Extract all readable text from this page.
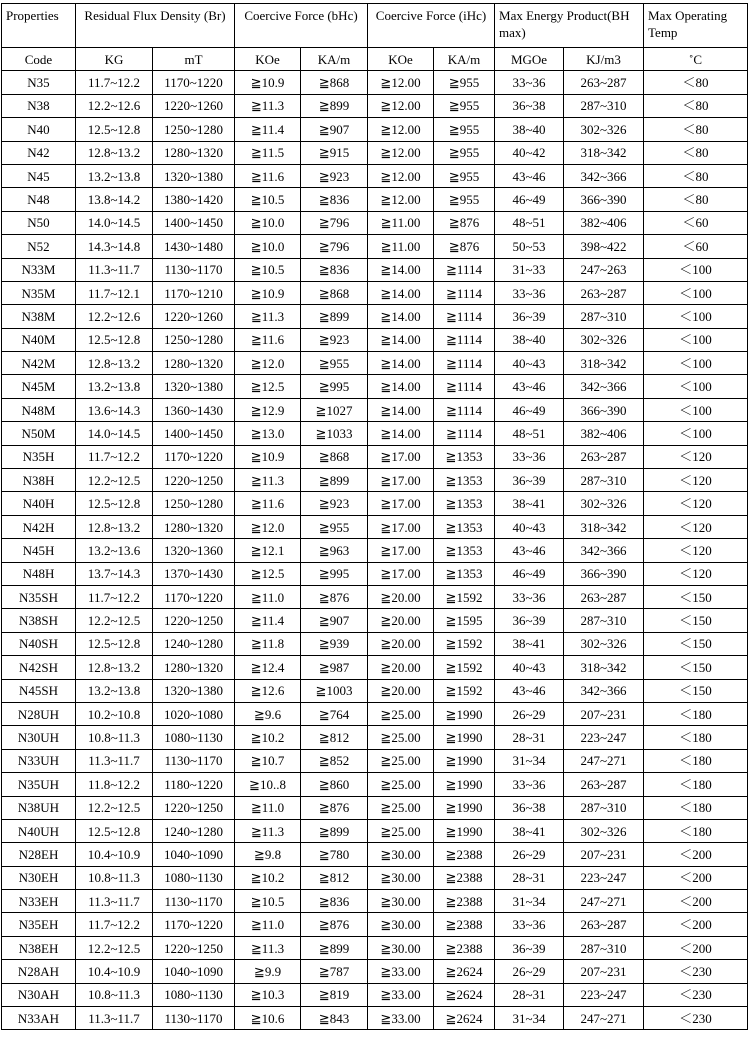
Properties	Residual Flux Density (Br)		Coercive Force (bHc)		Coercive Force (iHc)		Max Energy Product(BH max)		Max Operating Temp
Code	KG	mT	KOe	KA/m	KOe	KA/m	MGOe	KJ/m3	˚C
N35	11.7~12.2	1170~1220	≧10.9	≧868	≧12.00	≧955	33~36	263~287	＜80
N38	12.2~12.6	1220~1260	≧11.3	≧899	≧12.00	≧955	36~38	287~310	＜80
N40	12.5~12.8	1250~1280	≧11.4	≧907	≧12.00	≧955	38~40	302~326	＜80
N42	12.8~13.2	1280~1320	≧11.5	≧915	≧12.00	≧955	40~42	318~342	＜80
N45	13.2~13.8	1320~1380	≧11.6	≧923	≧12.00	≧955	43~46	342~366	＜80
N48	13.8~14.2	1380~1420	≧10.5	≧836	≧12.00	≧955	46~49	366~390	＜80
N50	14.0~14.5	1400~1450	≧10.0	≧796	≧11.00	≧876	48~51	382~406	＜60
N52	14.3~14.8	1430~1480	≧10.0	≧796	≧11.00	≧876	50~53	398~422	＜60
N33M	11.3~11.7	1130~1170	≧10.5	≧836	≧14.00	≧1114	31~33	247~263	＜100
N35M	11.7~12.1	1170~1210	≧10.9	≧868	≧14.00	≧1114	33~36	263~287	＜100
N38M	12.2~12.6	1220~1260	≧11.3	≧899	≧14.00	≧1114	36~39	287~310	＜100
N40M	12.5~12.8	1250~1280	≧11.6	≧923	≧14.00	≧1114	38~40	302~326	＜100
N42M	12.8~13.2	1280~1320	≧12.0	≧955	≧14.00	≧1114	40~43	318~342	＜100
N45M	13.2~13.8	1320~1380	≧12.5	≧995	≧14.00	≧1114	43~46	342~366	＜100
N48M	13.6~14.3	1360~1430	≧12.9	≧1027	≧14.00	≧1114	46~49	366~390	＜100
N50M	14.0~14.5	1400~1450	≧13.0	≧1033	≧14.00	≧1114	48~51	382~406	＜100
N35H	11.7~12.2	1170~1220	≧10.9	≧868	≧17.00	≧1353	33~36	263~287	＜120
N38H	12.2~12.5	1220~1250	≧11.3	≧899	≧17.00	≧1353	36~39	287~310	＜120
N40H	12.5~12.8	1250~1280	≧11.6	≧923	≧17.00	≧1353	38~41	302~326	＜120
N42H	12.8~13.2	1280~1320	≧12.0	≧955	≧17.00	≧1353	40~43	318~342	＜120
N45H	13.2~13.6	1320~1360	≧12.1	≧963	≧17.00	≧1353	43~46	342~366	＜120
N48H	13.7~14.3	1370~1430	≧12.5	≧995	≧17.00	≧1353	46~49	366~390	＜120
N35SH	11.7~12.2	1170~1220	≧11.0	≧876	≧20.00	≧1592	33~36	263~287	＜150
N38SH	12.2~12.5	1220~1250	≧11.4	≧907	≧20.00	≧1595	36~39	287~310	＜150
N40SH	12.5~12.8	1240~1280	≧11.8	≧939	≧20.00	≧1592	38~41	302~326	＜150
N42SH	12.8~13.2	1280~1320	≧12.4	≧987	≧20.00	≧1592	40~43	318~342	＜150
N45SH	13.2~13.8	1320~1380	≧12.6	≧1003	≧20.00	≧1592	43~46	342~366	＜150
N28UH	10.2~10.8	1020~1080	≧9.6	≧764	≧25.00	≧1990	26~29	207~231	＜180
N30UH	10.8~11.3	1080~1130	≧10.2	≧812	≧25.00	≧1990	28~31	223~247	＜180
N33UH	11.3~11.7	1130~1170	≧10.7	≧852	≧25.00	≧1990	31~34	247~271	＜180
N35UH	11.8~12.2	1180~1220	≧10..8	≧860	≧25.00	≧1990	33~36	263~287	＜180
N38UH	12.2~12.5	1220~1250	≧11.0	≧876	≧25.00	≧1990	36~38	287~310	＜180
N40UH	12.5~12.8	1240~1280	≧11.3	≧899	≧25.00	≧1990	38~41	302~326	＜180
N28EH	10.4~10.9	1040~1090	≧9.8	≧780	≧30.00	≧2388	26~29	207~231	＜200
N30EH	10.8~11.3	1080~1130	≧10.2	≧812	≧30.00	≧2388	28~31	223~247	＜200
N33EH	11.3~11.7	1130~1170	≧10.5	≧836	≧30.00	≧2388	31~34	247~271	＜200
N35EH	11.7~12.2	1170~1220	≧11.0	≧876	≧30.00	≧2388	33~36	263~287	＜200
N38EH	12.2~12.5	1220~1250	≧11.3	≧899	≧30.00	≧2388	36~39	287~310	＜200
N28AH	10.4~10.9	1040~1090	≧9.9	≧787	≧33.00	≧2624	26~29	207~231	＜230
N30AH	10.8~11.3	1080~1130	≧10.3	≧819	≧33.00	≧2624	28~31	223~247	＜230
N33AH	11.3~11.7	1130~1170	≧10.6	≧843	≧33.00	≧2624	31~34	247~271	＜230
